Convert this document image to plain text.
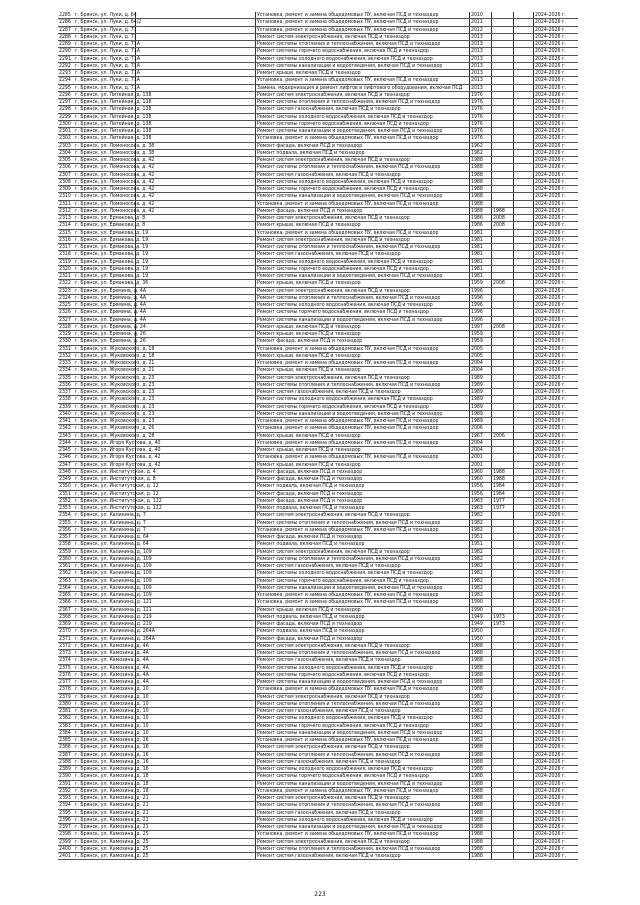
2285 г. Брянск, ул. Луки, д. 64	Установка, ремонт и замена общедомовых ПУ, включая ПСД и техназдор	2010	2024-2026 г.
2286 г. Брянск, ул. Луки, д. 64/2	Установка, ремонт и замена общедомовых ПУ, включая ПСД и техназдор	2011	2024-2026 г.
2287 г. Брянск, ул. Луки, д. 71	Установка, ремонт и замена общедомовых ПУ, включая ПСД и техназдор	2012	2024-2026 г.
2288 г. Брянск, ул. Луки, д. 71	Ремонт систем электроснабжения, включая ПСД и техназдор	2013	2024-2026 г.
2289 г. Брянск, ул. Луки, д. 71А	Ремонт системы отопления и теплоснабжения, включая ПСД и техназдор	2013	2024-2026 г.
2290 г. Брянск, ул. Луки, д. 71А	Ремонт системы горячего водоснабжения, включая ПСД и техназдор	2013	2024-2026 г.
2291 г. Брянск, ул. Луки, д. 71А	Ремонт системы холодного водоснабжения, включая ПСД и техназдор	2013	2024-2026 г.
2292 г. Брянск, ул. Луки, д. 71А	Ремонт системы канализации и водоотведения, включая ПСД и техназдор	2013	2024-2026 г.
2293 г. Брянск, ул. Луки, д. 71А	Ремонт крыши, включая ПСД и техназдор	2013	2024-2026 г.
2294 г. Брянск, ул. Луки, д. 71А	Установка, ремонт и замена общедомовых ПУ, включая ПСД и техназдор	2013	2024-2026 г.
2295 г. Брянск, ул. Луки, д. 71А	Замена, модернизация и ремонт лифтов и лифтового оборудования, включая ПСД	2013	2024-2026 г.
2296 г. Брянск, ул. Литейная, д. 138	Ремонт систем электроснабжения, включая ПСД и техназдор	1976	2024-2026 г.
2297 г. Брянск, ул. Литейная, д. 138	Ремонт системы отопления и теплоснабжения, включая ПСД и техназдор	1976	2024-2026 г.
2298 г. Брянск, ул. Литейная, д. 138	Ремонт систем газоснабжения, включая ПСД и техназдор	1976	2024-2026 г.
2299 г. Брянск, ул. Литейная, д. 138	Ремонт системы холодного водоснабжения, включая ПСД и техназдор	1976	2024-2026 г.
2300 г. Брянск, ул. Литейная, д. 138	Ремонт системы горячего водоснабжения, включая ПСД и техназдор	1976	2024-2026 г.
2301 г. Брянск, ул. Литейная, д. 138	Ремонт системы канализации и водоотведения, включая ПСД и техназдор	1976	2024-2026 г.
2302 г. Брянск, ул. Литейная, д. 138	Установка, ремонт и замена общедомовых ПУ, включая ПСД и техназдор	1976	2024-2026 г.
2303 г. Брянск, ул. Ломоносова, д. 38	Ремонт фасада, включая ПСД и техназдор	1962	2024-2026 г.
2304 г. Брянск, ул. Ломоносова, д. 38	Ремонт подвала, включая ПСД и техназдор	1962	2024-2026 г.
2305 г. Брянск, ул. Ломоносова, д. 42	Ремонт систем электроснабжения, включая ПСД и техназдор	1988	2024-2026 г.
2306 г. Брянск, ул. Ломоносова, д. 42	Ремонт системы отопления и теплоснабжения, включая ПСД и техназдор	1988	2024-2026 г.
2307 г. Брянск, ул. Ломоносова, д. 42	Ремонт систем газоснабжения, включая ПСД и техназдор	1988	2024-2026 г.
2308 г. Брянск, ул. Ломоносова, д. 42	Ремонт системы холодного водоснабжения, включая ПСД и техназдор	1988	2024-2026 г.
2309 г. Брянск, ул. Ломоносова, д. 42	Ремонт системы горячего водоснабжения, включая ПСД и техназдор	1988	2024-2026 г.
2310 г. Брянск, ул. Ломоносова, д. 42	Ремонт системы канализации и водоотведения, включая ПСД и техназдор	1988	2024-2026 г.
2311 г. Брянск, ул. Ломоносова, д. 42	Установка, ремонт и замена общедомовых ПУ, включая ПСД и техназдор	1988	2024-2026 г.
2312 г. Брянск, ул. Ломоносова, д. 42	Ремонт фасада, включая ПСД и техназдор	1988	1968	2024-2026 г.
2313 г. Брянск, ул. Ермакова, д. 8	Ремонт систем электроснабжения, включая ПСД и техназдор	1986	2008	2024-2026 г.
2314 г. Брянск, ул. Ермакова, д. 8	Ремонт крыши, включая ПСД и техназдор	1986	2008	2024-2026 г.
2315 г. Брянск, ул. Ермакова, д. 19	Установка, ремонт и замена общедомовых ПУ, включая ПСД и техназдор	1981	2024-2026 г.
2316 г. Брянск, ул. Ермакова, д. 19	Ремонт систем электроснабжения, включая ПСД и техназдор	1981	2024-2026 г.
2317 г. Брянск, ул. Ермакова, д. 19	Ремонт системы отопления и теплоснабжения, включая ПСД и техназдор	1981	2024-2026 г.
2318 г. Брянск, ул. Ермакова, д. 19	Ремонт систем газоснабжения, включая ПСД и техназдор	1981	2024-2026 г.
2319 г. Брянск, ул. Ермакова, д. 19	Ремонт системы холодного водоснабжения, включая ПСД и техназдор	1981	2024-2026 г.
2320 г. Брянск, ул. Ермакова, д. 19	Ремонт системы горячего водоснабжения, включая ПСД и техназдор	1981	2024-2026 г.
2321 г. Брянск, ул. Ермакова, д. 19	Ремонт системы канализации и водоотведения, включая ПСД и техназдор	1981	2024-2026 г.
2322 г. Брянск, ул. Ермакова, д. 36	Ремонт крыши, включая ПСД и техназдор	1959	2008	2024-2026 г.
2323 г. Брянск, ул. Еремина, д. 4А	Ремонт систем электроснабжения, включая ПСД и техназдор	1996	2024-2026 г.
2324 г. Брянск, ул. Еремина, д. 4А	Ремонт системы отопления и теплоснабжения, включая ПСД и техназдор	1996	2024-2026 г.
2325 г. Брянск, ул. Еремина, д. 4А	Ремонт системы холодного водоснабжения, включая ПСД и техназдор	1996	2024-2026 г.
2326 г. Брянск, ул. Еремина, д. 4А	Ремонт системы горячего водоснабжения, включая ПСД и техназдор	1996	2024-2026 г.
2327 г. Брянск, ул. Еремина, д. 4А	Ремонт системы канализации и водоотведения, включая ПСД и техназдор	1996	2024-2026 г.
2328 г. Брянск, ул. Еремина, д. 24	Ремонт крыши, включая ПСД и техназдор	1997	2008	2024-2026 г.
2329 г. Брянск, ул. Еремина, д. 26	Ремонт крыши, включая ПСД и техназдор	1959	2024-2026 г.
2330 г. Брянск, ул. Еремина, д. 26	Ремонт фасада, включая ПСД и техназдор	1959	2024-2026 г.
2331 г. Брянск, ул. Жуковского, д. 18	Установка, ремонт и замена общедомовых ПУ, включая ПСД и техназдор	2005	2024-2026 г.
2332 г. Брянск, ул. Жуковского, д. 18	Ремонт крыши, включая ПСД и техназдор	2005	2024-2026 г.
2333 г. Брянск, ул. Жуковского, д. 21	Установка, ремонт и замена общедомовых ПУ, включая ПСД и техназдор	2004	2024-2026 г.
2334 г. Брянск, ул. Жуковского, д. 21	Ремонт крыши, включая ПСД и техназдор	2004	2024-2026 г.
2335 г. Брянск, ул. Жуковского, д. 23	Ремонт систем электроснабжения, включая ПСД и техназдор	1989	2024-2026 г.
2336 г. Брянск, ул. Жуковского, д. 23	Ремонт системы отопления и теплоснабжения, включая ПСД и техназдор	1989	2024-2026 г.
2337 г. Брянск, ул. Жуковского, д. 23	Ремонт систем газоснабжения, включая ПСД и техназдор	1989	2024-2026 г.
2338 г. Брянск, ул. Жуковского, д. 23	Ремонт системы холодного водоснабжения, включая ПСД и техназдор	1989	2024-2026 г.
2339 г. Брянск, ул. Жуковского, д. 23	Ремонт системы горячего водоснабжения, включая ПСД и техназдор	1989	2024-2026 г.
2340 г. Брянск, ул. Жуковского, д. 23	Ремонт системы канализации и водоотведения, включая ПСД и техназдор	1989	2024-2026 г.
2341 г. Брянск, ул. Жуковского, д. 23	Установка, ремонт и замена общедомовых ПУ, включая ПСД и техназдор	1989	2024-2026 г.
2342 г. Брянск, ул. Жуковского, д. 26	Установка, ремонт и замена общедомовых ПУ, включая ПСД и техназдор	2006	2024-2026 г.
2343 г. Брянск, ул. Жуковского, д. 28	Ремонт крыши, включая ПСД и техназдор	1967	2006	2024-2026 г.
2344 г. Брянск, ул. Игоря Кустова, д. 40	Установка, ремонт и замена общедомовых ПУ, включая ПСД и техназдор	2004	2024-2026 г.
2345 г. Брянск, ул. Игоря Кустова, д. 40	Ремонт крыши, включая ПСД и техназдор	2004	2024-2026 г.
2346 г. Брянск, ул. Игоря Кустова, д. 42	Установка, ремонт и замена общедомовых ПУ, включая ПСД и техназдор	2001	2024-2026 г.
2347 г. Брянск, ул. Игоря Кустова, д. 42	Ремонт крыши, включая ПСД и техназдор	2001	2024-2026 г.
2348 г. Брянск, ул. Институтская, д. 4	Ремонт фасада, включая ПСД и техназдор	1960	1988	2024-2026 г.
2349 г. Брянск, ул. Институтская, д. 8	Ремонт фасада, включая ПСД и техназдор	1960	1988	2024-2026 г.
2350 г. Брянск, ул. Институтская, д. 12	Ремонт подвала, включая ПСД и техназдор	1956	1984	2024-2026 г.
2351 г. Брянск, ул. Институтская, д. 12	Ремонт фасада, включая ПСД и техназдор	1956	1984	2024-2026 г.
2352 г. Брянск, ул. Институтская, д. 122	Ремонт фасада, включая ПСД и техназдор	1963	1977	2024-2026 г.
2353 г. Брянск, ул. Институтская, д. 122	Ремонт подвала, включая ПСД и техназдор	1963	1977	2024-2026 г.
2354 г. Брянск, ул. Калинина, д. 7	Ремонт систем электроснабжения, включая ПСД и техназдор	1982	2024-2026 г.
2355 г. Брянск, ул. Калинина, д. 7	Ремонт системы отопления и теплоснабжения, включая ПСД и техназдор	1982	2024-2026 г.
2356 г. Брянск, ул. Калинина, д. 7	Установка, ремонт и замена общедомовых ПУ, включая ПСД и техназдор	1982	2024-2026 г.
2357 г. Брянск, ул. Калинина, д. 64	Ремонт фасада, включая ПСД и техназдор	1951	2024-2026 г.
2358 г. Брянск, ул. Калинина, д. 64	Ремонт подвала, включая ПСД и техназдор	1951	2024-2026 г.
2359 г. Брянск, ул. Калинина, д. 109	Ремонт систем электроснабжения, включая ПСД и техназдор	1982	2024-2026 г.
2360 г. Брянск, ул. Калинина, д. 109	Ремонт системы отопления и теплоснабжения, включая ПСД и техназдор	1982	2024-2026 г.
2361 г. Брянск, ул. Калинина, д. 109	Ремонт систем газоснабжения, включая ПСД и техназдор	1982	2024-2026 г.
2362 г. Брянск, ул. Калинина, д. 109	Ремонт системы холодного водоснабжения, включая ПСД и техназдор	1982	2024-2026 г.
2363 г. Брянск, ул. Калинина, д. 109	Ремонт системы горячего водоснабжения, включая ПСД и техназдор	1982	2024-2026 г.
2364 г. Брянск, ул. Калинина, д. 109	Ремонт системы канализации и водоотведения, включая ПСД и техназдор	1982	2024-2026 г.
2365 г. Брянск, ул. Калинина, д. 109	Установка, ремонт и замена общедомовых ПУ, включая ПСД и техназдор	1982	2024-2026 г.
2366 г. Брянск, ул. Калинина, д. 121	Установка, ремонт и замена общедомовых ПУ, включая ПСД и техназдор	1990	2024-2026 г.
2367 г. Брянск, ул. Калинина, д. 121	Ремонт крыши, включая ПСД и техназдор	1990	2024-2026 г.
2368 г. Брянск, ул. Калинина, д. 219	Ремонт подвала, включая ПСД и техназдор	1949	1973	2024-2026 г.
2369 г. Брянск, ул. Калинина, д. 219	Ремонт фасада, включая ПСД и техназдор	1949	1973	2024-2026 г.
2370 г. Брянск, ул. Калинина, д. 264А	Ремонт подвала, включая ПСД и техназдор	1950	2024-2026 г.
2371 г. Брянск, ул. Калинина, д. 264А	Ремонт фасада, включая ПСД и техназдор	1950	2024-2026 г.
2372 г. Брянск, ул. Камозина, д. 4А	Ремонт систем электроснабжения, включая ПСД и техназдор	1988	2024-2026 г.
2373 г. Брянск, ул. Камозина, д. 4А	Ремонт системы отопления и теплоснабжения, включая ПСД и техназдор	1988	2024-2026 г.
2374 г. Брянск, ул. Камозина, д. 4А	Ремонт систем газоснабжения, включая ПСД и техназдор	1988	2024-2026 г.
2375 г. Брянск, ул. Камозина, д. 4А	Ремонт системы холодного водоснабжения, включая ПСД и техназдор	1988	2024-2026 г.
2376 г. Брянск, ул. Камозина, д. 4А	Ремонт системы горячего водоснабжения, включая ПСД и техназдор	1988	2024-2026 г.
2377 г. Брянск, ул. Камозина, д. 4А	Ремонт системы канализации и водоотведения, включая ПСД и техназдор	1988	2024-2026 г.
2378 г. Брянск, ул. Камозина, д. 10	Установка, ремонт и замена общедомовых ПУ, включая ПСД и техназдор	1988	2024-2026 г.
2379 г. Брянск, ул. Камозина, д. 10	Ремонт систем электроснабжения, включая ПСД и техназдор	1982	2024-2026 г.
2380 г. Брянск, ул. Камозина, д. 10	Ремонт системы отопления и теплоснабжения, включая ПСД и техназдор	1982	2024-2026 г.
2381 г. Брянск, ул. Камозина, д. 10	Ремонт систем газоснабжения, включая ПСД и техназдор	1982	2024-2026 г.
2382 г. Брянск, ул. Камозина, д. 10	Ремонт системы холодного водоснабжения, включая ПСД и техназдор	1982	2024-2026 г.
2383 г. Брянск, ул. Камозина, д. 10	Ремонт системы горячего водоснабжения, включая ПСД и техназдор	1982	2024-2026 г.
2384 г. Брянск, ул. Камозина, д. 10	Ремонт системы канализации и водоотведения, включая ПСД и техназдор	1982	2024-2026 г.
2385 г. Брянск, ул. Камозина, д. 16	Установка, ремонт и замена общедомовых ПУ, включая ПСД и техназдор	1982	2024-2026 г.
2386 г. Брянск, ул. Камозина, д. 16	Ремонт систем электроснабжения, включая ПСД и техназдор	1988	2024-2026 г.
2387 г. Брянск, ул. Камозина, д. 16	Ремонт системы отопления и теплоснабжения, включая ПСД и техназдор	1988	2024-2026 г.
2388 г. Брянск, ул. Камозина, д. 16	Ремонт систем газоснабжения, включая ПСД и техназдор	1988	2024-2026 г.
2389 г. Брянск, ул. Камозина, д. 16	Ремонт системы холодного водоснабжения, включая ПСД и техназдор	1988	2024-2026 г.
2390 г. Брянск, ул. Камозина, д. 18	Ремонт системы горячего водоснабжения, включая ПСД и техназдор	1988	2024-2026 г.
2391 г. Брянск, ул. Камозина, д. 18	Ремонт системы канализации и водоотведения, включая ПСД и техназдор	1988	2024-2026 г.
2392 г. Брянск, ул. Камозина, д. 18	Установка, ремонт и замена общедомовых ПУ, включая ПСД и техназдор	1988	2024-2026 г.
2393 г. Брянск, ул. Камозина, д. 21	Ремонт систем электроснабжения, включая ПСД и техназдор	1988	2024-2026 г.
2394 г. Брянск, ул. Камозина, д. 21	Ремонт системы отопления и теплоснабжения, включая ПСД и техназдор	1988	2024-2026 г.
2395 г. Брянск, ул. Камозина, д. 21	Ремонт систем газоснабжения, включая ПСД и техназдор	1988	2024-2026 г.
2396 г. Брянск, ул. Камозина, д. 21	Ремонт системы холодного водоснабжения, включая ПСД и техназдор	1988	2024-2026 г.
2397 г. Брянск, ул. Камозина, д. 21	Ремонт системы канализации и водоотведения, включая ПСД и техназдор	1988	2024-2026 г.
2398 г. Брянск, ул. Камозина, д. 25	Установка, ремонт и замена общедомовых ПУ, включая ПСД и техназдор	1988	2024-2026 г.
2399 г. Брянск, ул. Камозина, д. 25	Ремонт систем электроснабжения, включая ПСД и техназдор	1988	2024-2026 г.
2400 г. Брянск, ул. Камозина, д. 25	Ремонт системы отопления и теплоснабжения, включая ПСД и техназдор	1988	2024-2026 г.
2401 г. Брянск, ул. Камозина, д. 25	Ремонт систем газоснабжения, включая ПСД и техназдор	1988	2024-2026 г.
223
